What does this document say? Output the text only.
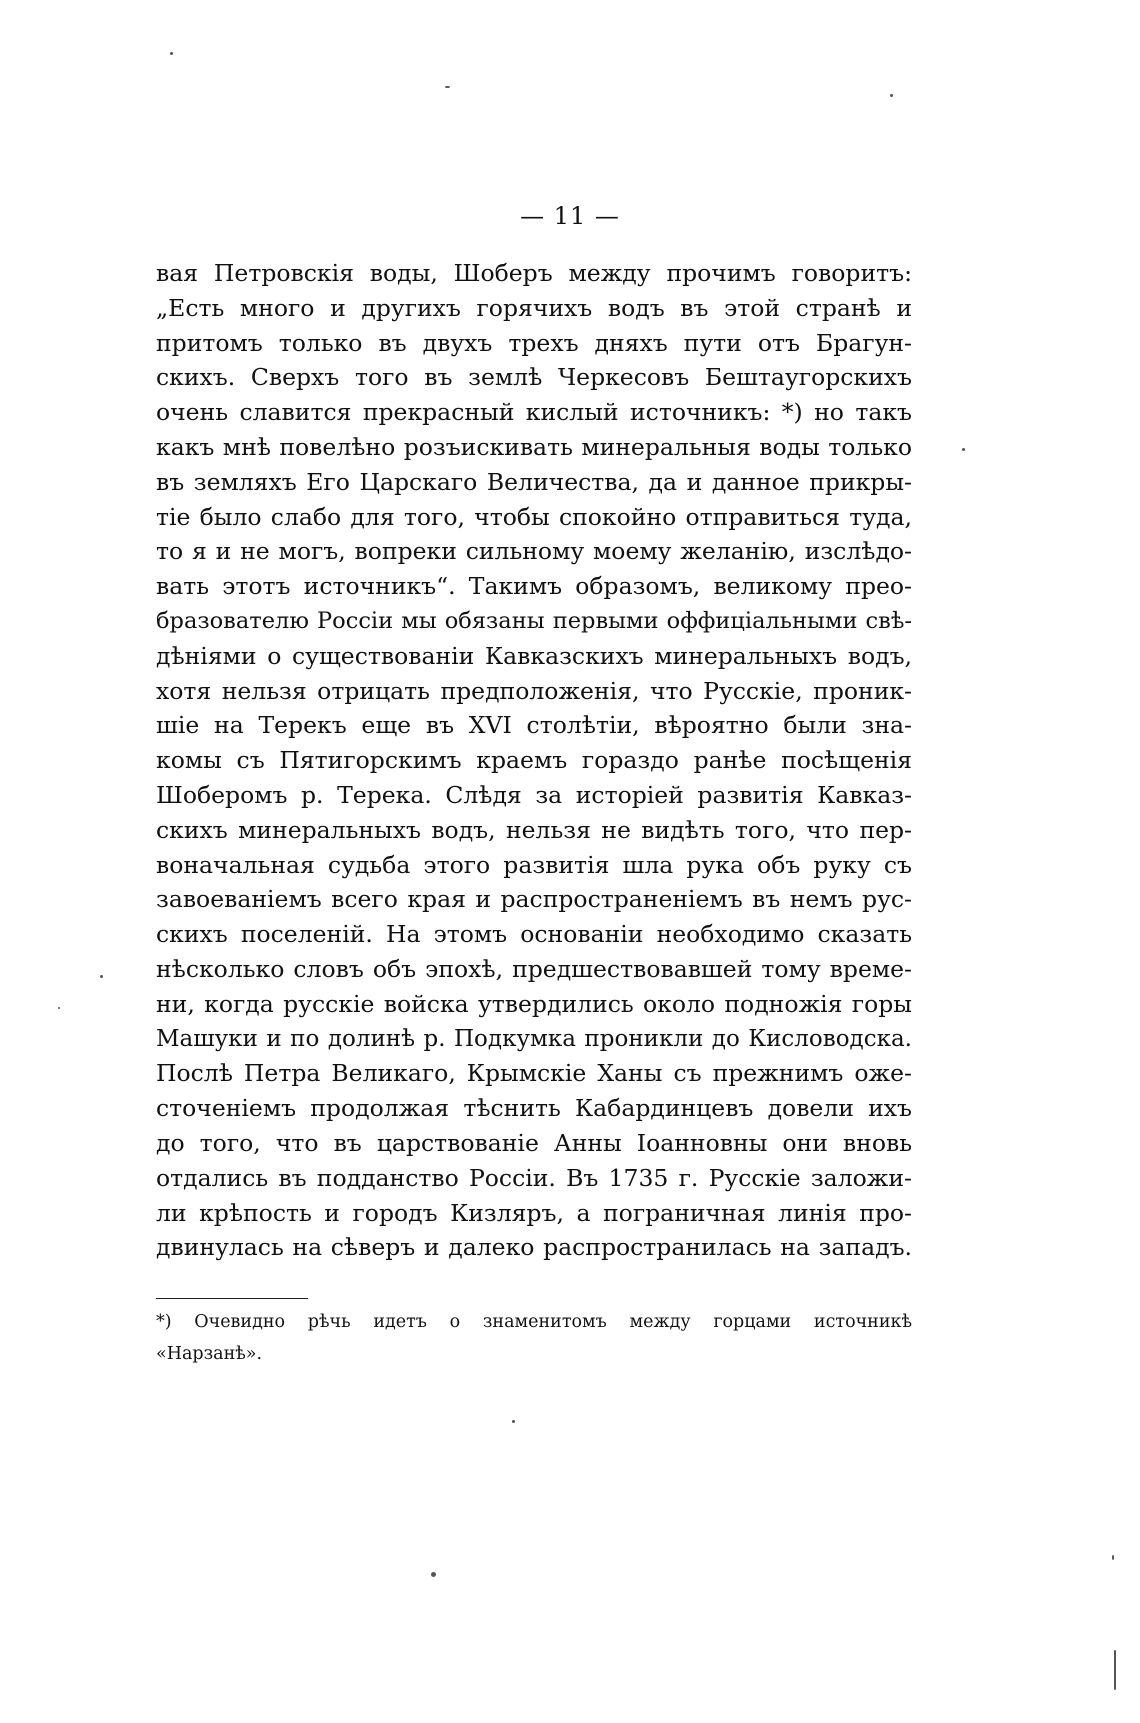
— 11 —
вая Петровскія воды, Шоберъ между прочимъ говоритъ:
„Есть много и другихъ горячихъ водъ въ этой странѣ и
притомъ только въ двухъ трехъ дняхъ пути отъ Брагун-
скихъ. Сверхъ того въ землѣ Черкесовъ Бештаугорскихъ
очень славится прекрасный кислый источникъ: *) но такъ
какъ мнѣ повелѣно розъискивать минеральныя воды только
въ земляхъ Его Царскаго Величества, да и данное прикры-
тіе было слабо для того, чтобы спокойно отправиться туда,
то я и не могъ, вопреки сильному моему желанію, изслѣдо-
вать этотъ источникъ“. Такимъ образомъ, великому прео-
бразователю Россіи мы обязаны первыми оффиціальными свѣ-
дѣніями о существованіи Кавказскихъ минеральныхъ водъ,
хотя нельзя отрицать предположенія, что Русскіе, проник-
шіе на Терекъ еще въ XVI столѣтіи, вѣроятно были зна-
комы съ Пятигорскимъ краемъ гораздо ранѣе посѣщенія
Шоберомъ р. Терека. Слѣдя за исторіей развитія Кавказ-
скихъ минеральныхъ водъ, нельзя не видѣть того, что пер-
воначальная судьба этого развитія шла рука объ руку съ
завоеваніемъ всего края и распространеніемъ въ немъ рус-
скихъ поселеній. На этомъ основаніи необходимо сказать
нѣсколько словъ объ эпохѣ, предшествовавшей тому време-
ни, когда русскіе войска утвердились около подножія горы
Машуки и по долинѣ р. Подкумка проникли до Кисловодска.
Послѣ Петра Великаго, Крымскіе Ханы съ прежнимъ оже-
сточеніемъ продолжая тѣснить Кабардинцевъ довели ихъ
до того, что въ царствованіе Анны Іоанновны они вновь
отдались въ подданство Россіи. Въ 1735 г. Русскіе заложи-
ли крѣпость и городъ Кизляръ, а пограничная линія про-
двинулась на сѣверъ и далеко распространилась на западъ.
*) Очевидно рѣчь идетъ о знаменитомъ между горцами источникѣ
«Нарзанѣ».
